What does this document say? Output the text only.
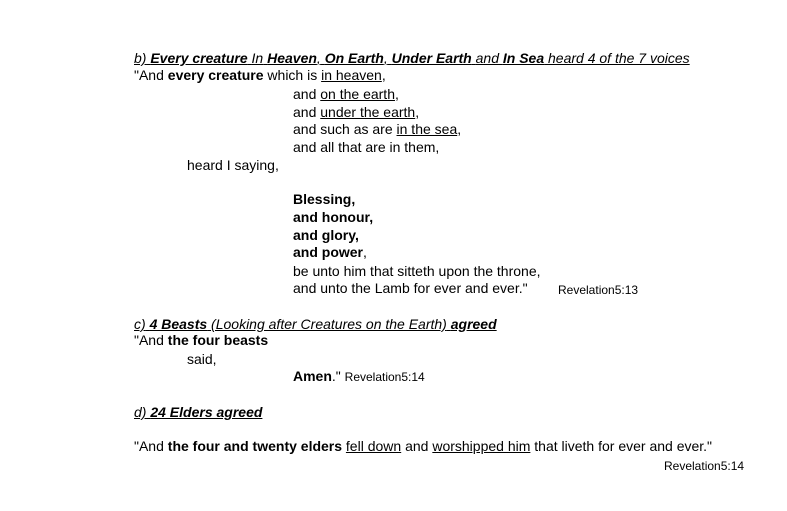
b) Every creature In Heaven, On Earth, Under Earth and In Sea heard 4 of the 7 voices
"And every creature which is in heaven,
and on the earth,
and under the earth,
and such as are in the sea,
and all that are in them,
heard I saying,
Blessing,
and honour,
and glory,
and power,
be unto him that sitteth upon the throne,
and unto the Lamb for ever and ever."	Revelation5:13
c) 4 Beasts (Looking after Creatures on the Earth) agreed
"And the four beasts
said,
Amen." Revelation5:14
d) 24 Elders agreed
"And the four and twenty elders fell down and worshipped him that liveth for ever and ever."
Revelation5:14
